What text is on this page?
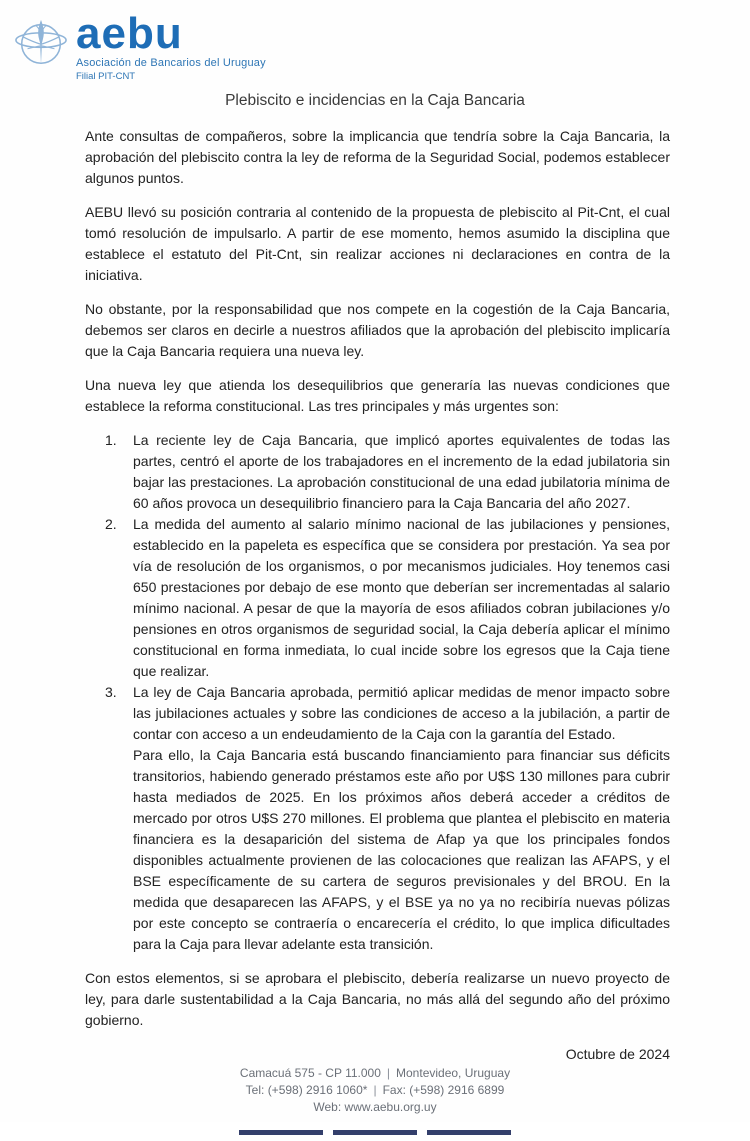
aebu
Asociación de Bancarios del Uruguay
Filial PIT-CNT
Plebiscito e incidencias en la Caja Bancaria

Ante consultas de compañeros, sobre la implicancia que tendría sobre la Caja Bancaria, la aprobación del plebiscito contra la ley de reforma de la Seguridad Social, podemos establecer algunos puntos.

AEBU llevó su posición contraria al contenido de la propuesta de plebiscito al Pit-Cnt, el cual tomó resolución de impulsarlo. A partir de ese momento, hemos asumido la disciplina que establece el estatuto del Pit-Cnt, sin realizar acciones ni declaraciones en contra de la iniciativa.

No obstante, por la responsabilidad que nos compete en la cogestión de la Caja Bancaria, debemos ser claros en decirle a nuestros afiliados que la aprobación del plebiscito implicaría que la Caja Bancaria requiera una nueva ley.

Una nueva ley que atienda los desequilibrios que generaría las nuevas condiciones que establece la reforma constitucional. Las tres principales y más urgentes son:

1.	La reciente ley de Caja Bancaria, que implicó aportes equivalentes de todas las partes, centró el aporte de los trabajadores en el incremento de la edad jubilatoria sin bajar las prestaciones. La aprobación constitucional de una edad jubilatoria mínima de 60 años provoca un desequilibrio financiero para la Caja Bancaria del año 2027.
2.	La medida del aumento al salario mínimo nacional de las jubilaciones y pensiones, establecido en la papeleta es específica que se considera por prestación. Ya sea por vía de resolución de los organismos, o por mecanismos judiciales. Hoy tenemos casi 650 prestaciones por debajo de ese monto que deberían ser incrementadas al salario mínimo nacional. A pesar de que la mayoría de esos afiliados cobran jubilaciones y/o pensiones en otros organismos de seguridad social, la Caja debería aplicar el mínimo constitucional en forma inmediata, lo cual incide sobre los egresos que la Caja tiene que realizar.
3.	La ley de Caja Bancaria aprobada, permitió aplicar medidas de menor impacto sobre las jubilaciones actuales y sobre las condiciones de acceso a la jubilación, a partir de contar con acceso a un endeudamiento de la Caja con la garantía del Estado.
Para ello, la Caja Bancaria está buscando financiamiento para financiar sus déficits transitorios, habiendo generado préstamos este año por U$S 130 millones para cubrir hasta mediados de 2025. En los próximos años deberá acceder a créditos de mercado por otros U$S 270 millones. El problema que plantea el plebiscito en materia financiera es la desaparición del sistema de Afap ya que los principales fondos disponibles actualmente provienen de las colocaciones que realizan las AFAPS, y el BSE específicamente de su cartera de seguros previsionales y del BROU. En la medida que desaparecen las AFAPS, y el BSE ya no ya no recibiría nuevas pólizas por este concepto se contraería o encarecería el crédito, lo que implica dificultades para la Caja para llevar adelante esta transición.

Con estos elementos, si se aprobara el plebiscito, debería realizarse un nuevo proyecto de ley, para darle sustentabilidad a la Caja Bancaria, no más allá del segundo año del próximo gobierno.

Octubre de 2024
Camacuá 575 - CP 11.000 | Montevideo, Uruguay
Tel: (+598) 2916 1060* | Fax: (+598) 2916 6899
Web: www.aebu.org.uy
